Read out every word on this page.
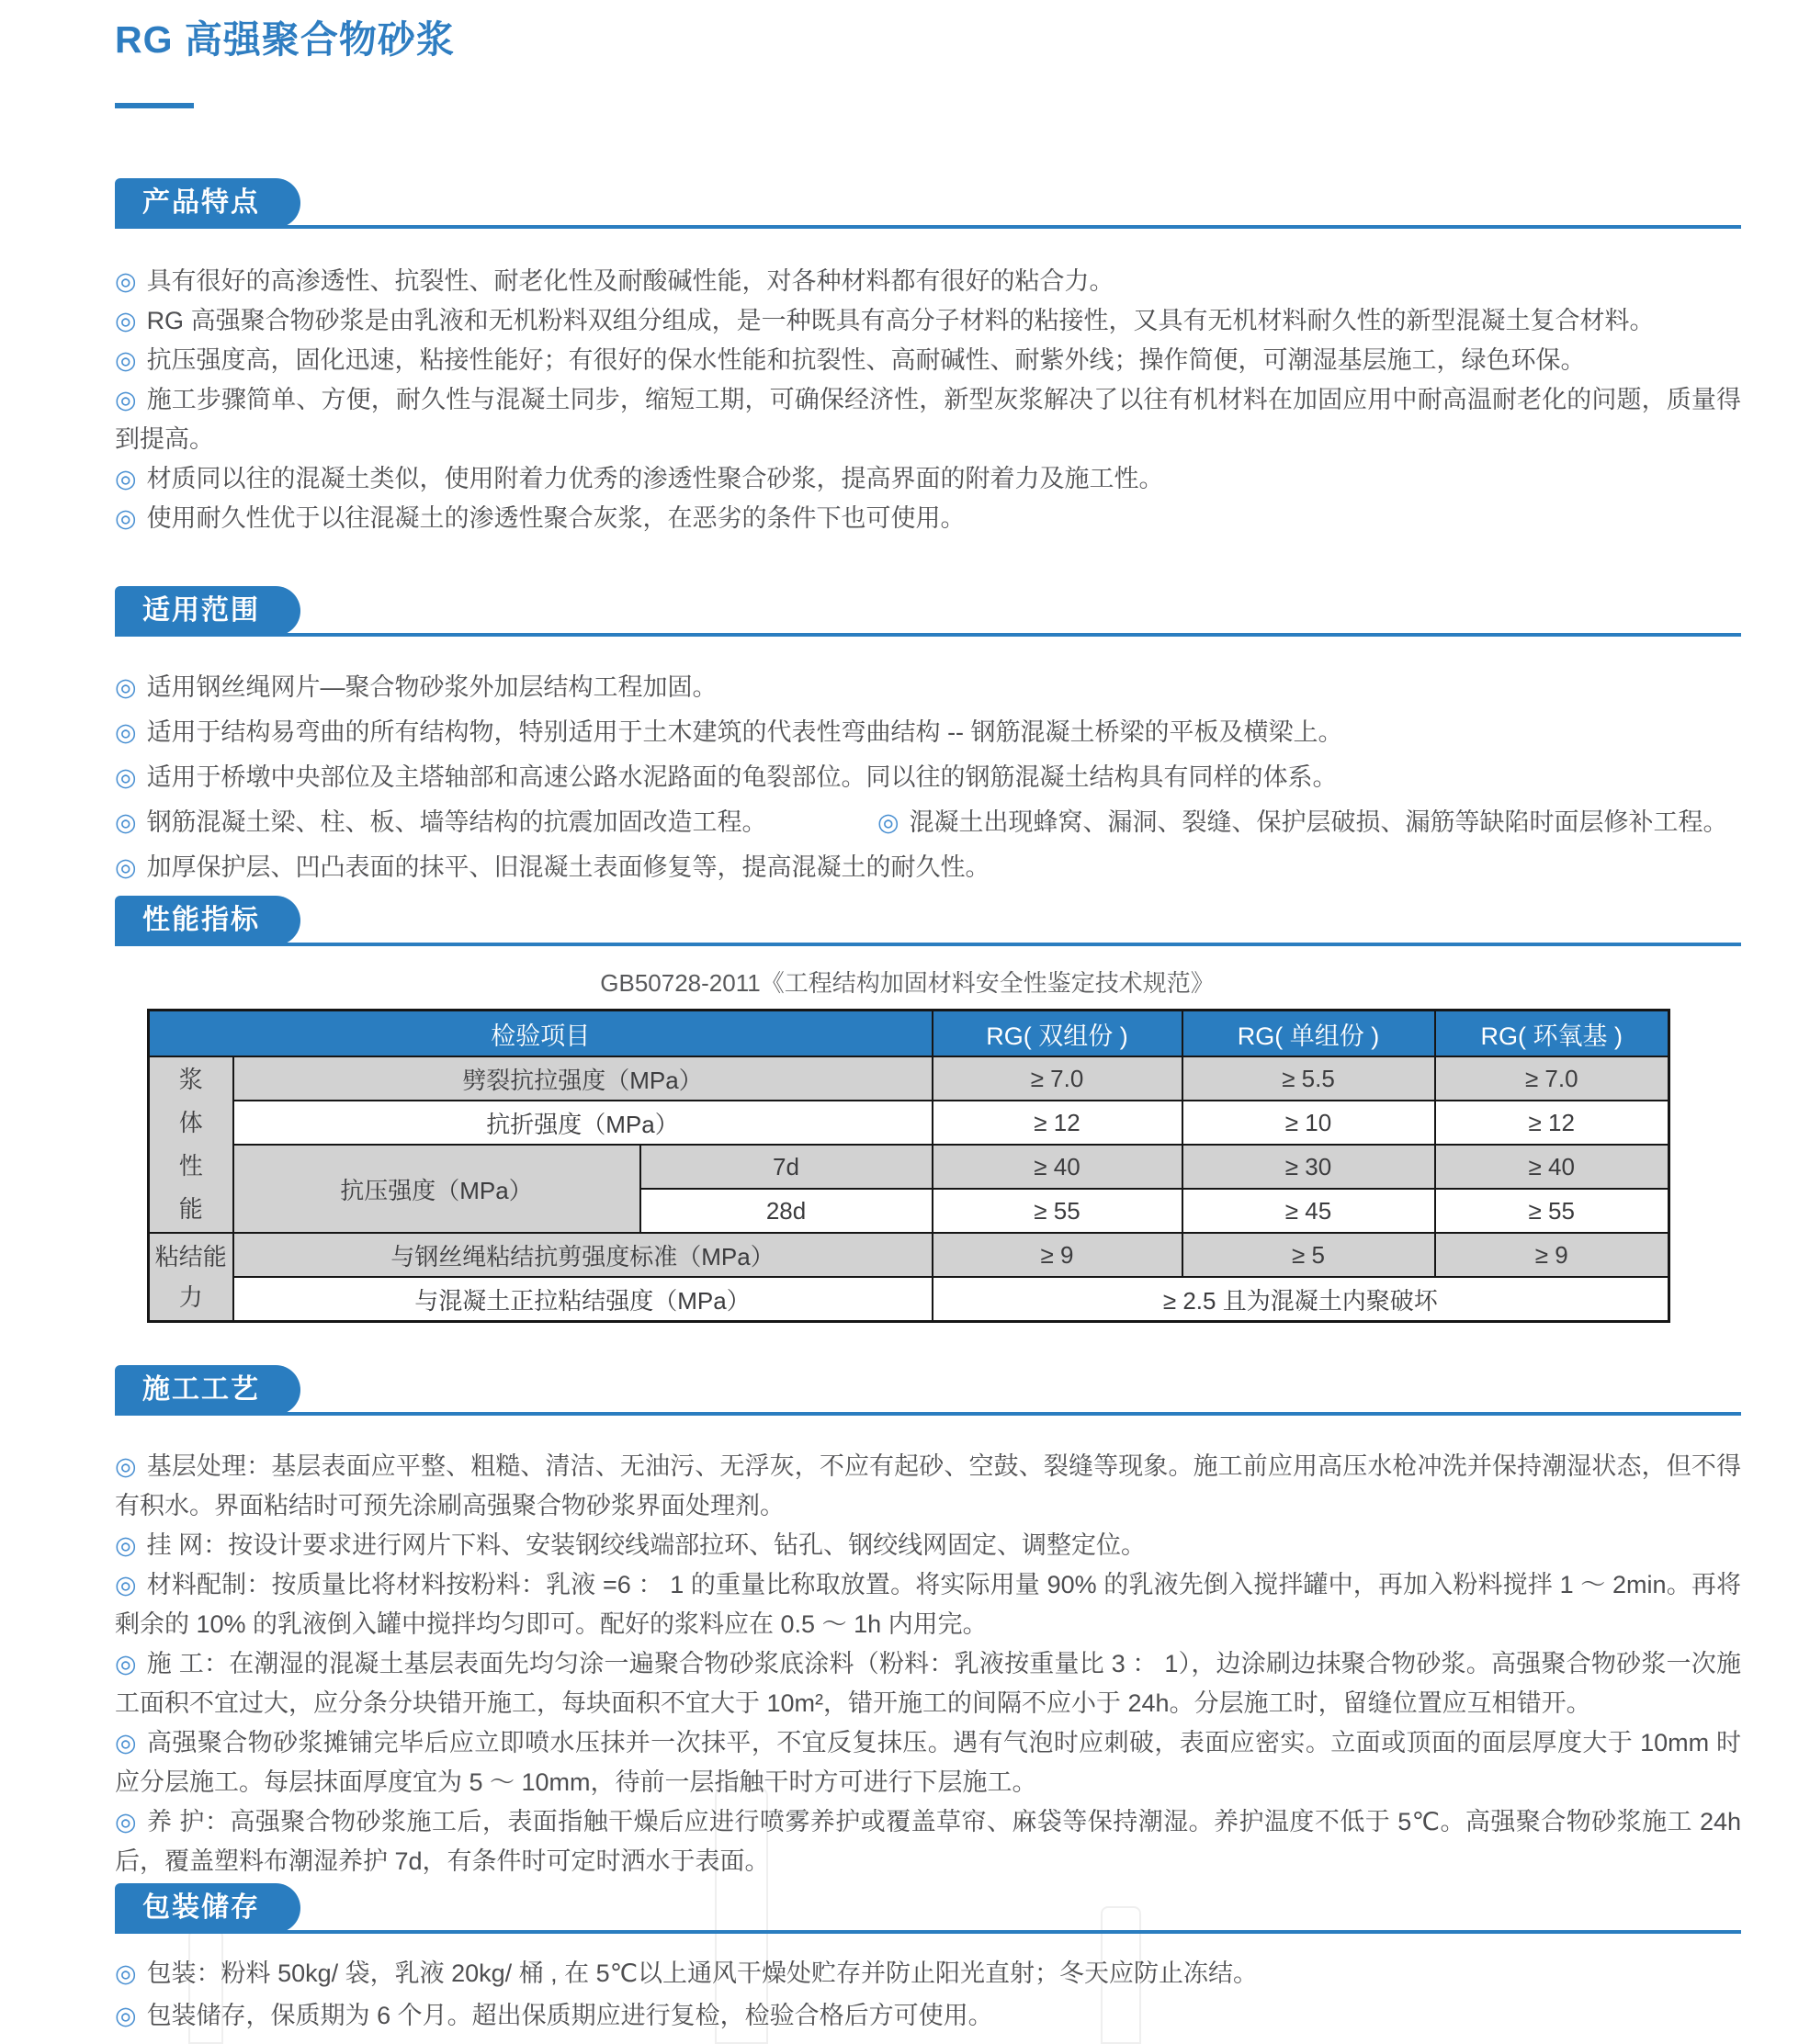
RG 高强聚合物砂浆
产品特点

◎ 具有很好的高渗透性、抗裂性、耐老化性及耐酸碱性能，对各种材料都有很好的粘合力。

◎ RG 高强聚合物砂浆是由乳液和无机粉料双组分组成，是一种既具有高分子材料的粘接性，又具有无机材料耐久性的新型混凝土复合材料。

◎ 抗压强度高，固化迅速，粘接性能好；有很好的保水性能和抗裂性、高耐碱性、耐紫外线；操作简便，可潮湿基层施工，绿色环保。

◎ 施工步骤简单、方便，耐久性与混凝土同步，缩短工期，可确保经济性，新型灰浆解决了以往有机材料在加固应用中耐高温耐老化的问题，质量得到提高。

◎ 材质同以往的混凝土类似，使用附着力优秀的渗透性聚合砂浆，提高界面的附着力及施工性。

◎ 使用耐久性优于以往混凝土的渗透性聚合灰浆，在恶劣的条件下也可使用。

适用范围

◎ 适用钢丝绳网片—聚合物砂浆外加层结构工程加固。

◎ 适用于结构易弯曲的所有结构物，特别适用于土木建筑的代表性弯曲结构 -- 钢筋混凝土桥梁的平板及横梁上。

◎ 适用于桥墩中央部位及主塔轴部和高速公路水泥路面的龟裂部位。同以往的钢筋混凝土结构具有同样的体系。

◎ 钢筋混凝土梁、柱、板、墙等结构的抗震加固改造工程。	◎ 混凝土出现蜂窝、漏洞、裂缝、保护层破损、漏筋等缺陷时面层修补工程。

◎ 加厚保护层、凹凸表面的抹平、旧混凝土表面修复等，提高混凝土的耐久性。

性能指标
GB50728-2011《工程结构加固材料安全性鉴定技术规范》
检验项目			RG( 双组份 )	RG( 单组份 )	RG( 环氧基 )
浆体性能	劈裂抗拉强度（MPa）		≥ 7.0	≥ 5.5	≥ 7.0
	抗折强度（MPa）		≥ 12	≥ 10	≥ 12
	抗压强度（MPa）	7d	≥ 40	≥ 30	≥ 40
		28d	≥ 55	≥ 45	≥ 55
粘结能力	与钢丝绳粘结抗剪强度标准（MPa）		≥ 9	≥ 5	≥ 9
	与混凝土正拉粘结强度（MPa）		≥ 2.5 且为混凝土内聚破坏		
施工工艺

◎ 基层处理：基层表面应平整、粗糙、清洁、无油污、无浮灰，不应有起砂、空鼓、裂缝等现象。施工前应用高压水枪冲洗并保持潮湿状态，但不得有积水。界面粘结时可预先涂刷高强聚合物砂浆界面处理剂。

◎ 挂 网：按设计要求进行网片下料、安装钢绞线端部拉环、钻孔、钢绞线网固定、调整定位。

◎ 材料配制：按质量比将材料按粉料：乳液 =6 ： 1 的重量比称取放置。将实际用量 90% 的乳液先倒入搅拌罐中，再加入粉料搅拌 1 ～ 2min。再将剩余的 10% 的乳液倒入罐中搅拌均匀即可。配好的浆料应在 0.5 ～ 1h 内用完。

◎ 施 工：在潮湿的混凝土基层表面先均匀涂一遍聚合物砂浆底涂料（粉料：乳液按重量比 3 ： 1），边涂刷边抹聚合物砂浆。高强聚合物砂浆一次施工面积不宜过大，应分条分块错开施工，每块面积不宜大于 10m²，错开施工的间隔不应小于 24h。分层施工时，留缝位置应互相错开。

◎ 高强聚合物砂浆摊铺完毕后应立即喷水压抹并一次抹平，不宜反复抹压。遇有气泡时应刺破，表面应密实。立面或顶面的面层厚度大于 10mm 时应分层施工。每层抹面厚度宜为 5 ～ 10mm，待前一层指触干时方可进行下层施工。

◎ 养 护：高强聚合物砂浆施工后，表面指触干燥后应进行喷雾养护或覆盖草帘、麻袋等保持潮湿。养护温度不低于 5℃。高强聚合物砂浆施工 24h 后，覆盖塑料布潮湿养护 7d，有条件时可定时洒水于表面。

包装储存

◎ 包装：粉料 50kg/ 袋，乳液 20kg/ 桶 , 在 5℃以上通风干燥处贮存并防止阳光直射；冬天应防止冻结。

◎ 包装储存，保质期为 6 个月。超出保质期应进行复检，检验合格后方可使用。
